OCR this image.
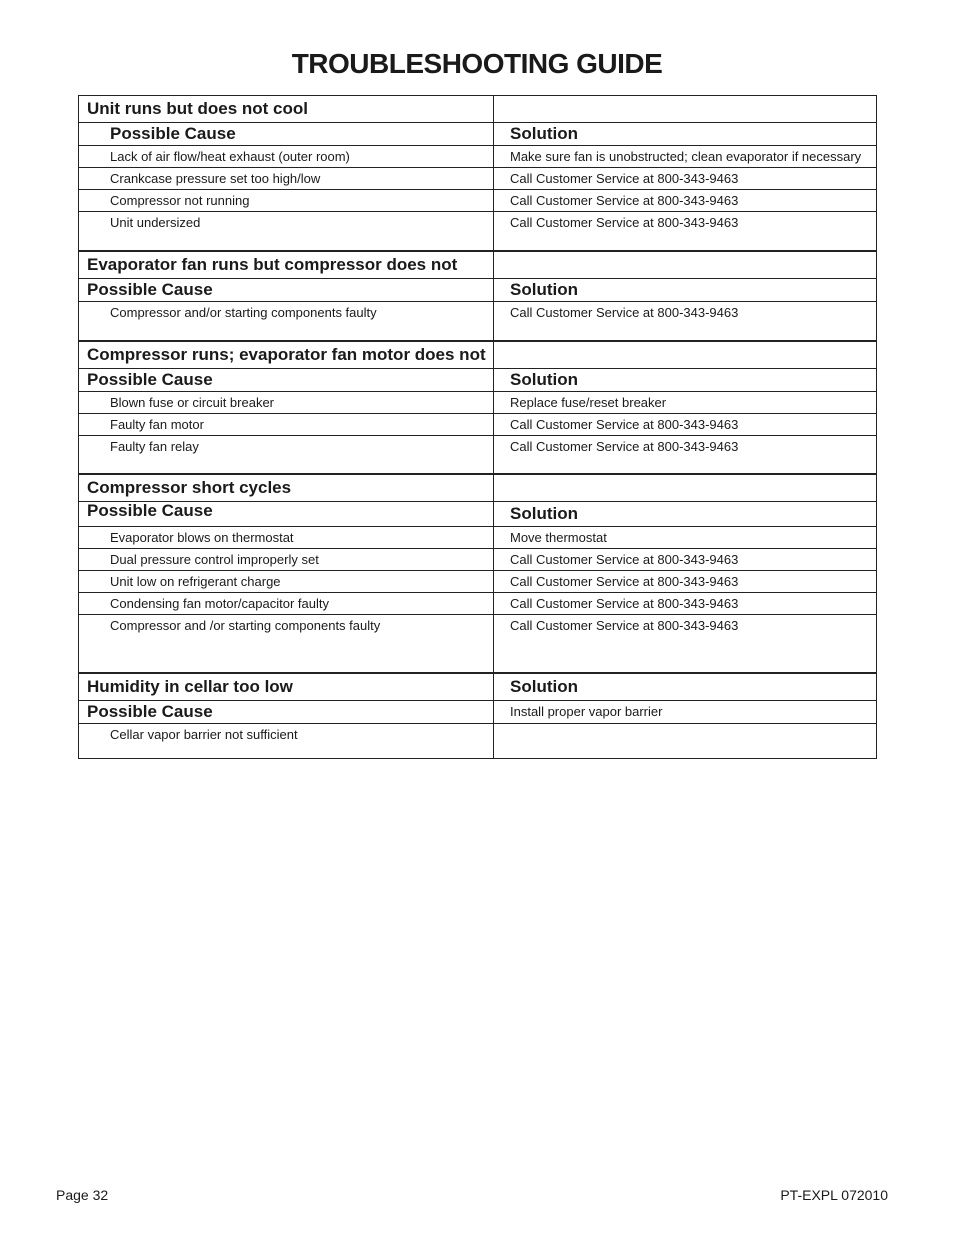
TROUBLESHOOTING GUIDE
Unit runs but does not cool	
Possible Cause	Solution
Lack of air flow/heat exhaust (outer room)	Make sure fan is unobstructed; clean evaporator if necessary
Crankcase pressure set too high/low	Call Customer Service at 800-343-9463
Compressor not running	Call Customer Service at 800-343-9463
Unit undersized	Call Customer Service at 800-343-9463
Evaporator fan runs but compressor does not	
Possible Cause	Solution
Compressor and/or starting components faulty	Call Customer Service at 800-343-9463
Compressor runs; evaporator fan motor does not	
Possible Cause	Solution
Blown fuse or circuit breaker	Replace fuse/reset breaker
Faulty fan motor	Call Customer Service at 800-343-9463
Faulty fan relay	Call Customer Service at 800-343-9463
Compressor short cycles	
Possible Cause	Solution
Evaporator blows on thermostat	Move thermostat
Dual pressure control improperly set	Call Customer Service at 800-343-9463
Unit low on refrigerant charge	Call Customer Service at 800-343-9463
Condensing fan motor/capacitor faulty	Call Customer Service at 800-343-9463
Compressor and /or starting components faulty	Call Customer Service at 800-343-9463
Humidity in cellar too low	Solution
Possible Cause	Install proper vapor barrier
Cellar vapor barrier not sufficient	
Page 32	PT-EXPL 072010
